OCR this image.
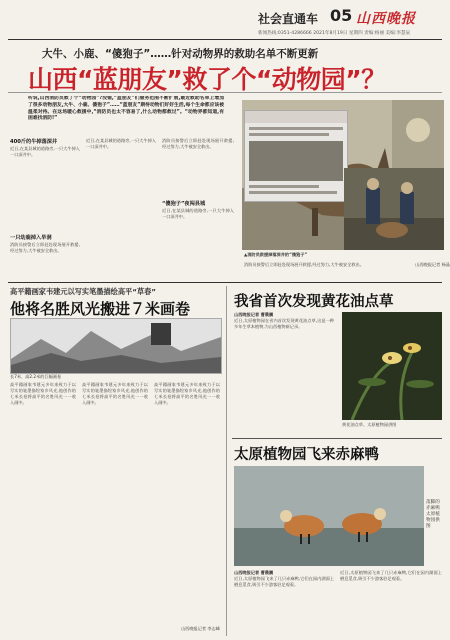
社会直通车 05 山西晚报
新闻热线:0351-4286666 2021年8月19日 星期四 责编:杨丽 美编:李慧辰
大牛、小鹿、“傻狍子”……针对动物界的救助名单不断更新
山西“蓝朋友”救了个“动物园”？
听说,山西消防员救了个“动物园”?没错,“蓝朋友”们服务范围不断扩展,最近救助名单上增加了很多动物朋友,大牛、小鹿、傻狍子”……“蓝朋友”期待动物们好好生活,每个生命都应该被温柔对待。在这场暖心救援中,“消防员也太不容易了,什么动物都救过”。“动物界都知道,有困难找消防!”
▲消防员救援掉落深井的“傻狍子”
山西晚报记者 杨晶
400斤的牛掉落深井
近日,在某县城的道路旁,一只大牛掉入一口深井中。
一只幼鹿掉入旱洞
消防员接警后立即赶赴现场展开救援,经过努力,大牛被安全救出。
近日,在某县城的道路旁,一只大牛掉入一口深井中。
“傻狍子”夜闯县城
消防员接警后立即赶赴现场展开救援,经过努力,大牛被安全救出。
近日,在某县城的道路旁,一只大牛掉入一口深井中。
消防员接警后立即赶赴现场展开救援,经过努力,大牛被安全救出。
高平籍画家韦建元以写实笔墨描绘高平“草春”
他将名胜风光搬进７米画卷
长7米、高2.2米的巨幅画卷
高平籍画家韦建元多年来致力于以写实的笔墨描绘家乡风光,他创作的七米长卷将高平的名胜风光一一收入画中。
高平籍画家韦建元多年来致力于以写实的笔墨描绘家乡风光,他创作的七米长卷将高平的名胜风光一一收入画中。
高平籍画家韦建元多年来致力于以写实的笔墨描绘家乡风光,他创作的七米长卷将高平的名胜风光一一收入画中。
山西晚报记者 李志峰
我省首次发现黄花油点草
山西晚报记者 曹晨鹏
近日,太原植物园在省内首次发现黄花油点草,这是一种多年生草本植物,为山西植物新记录。
黄花油点草。太原植物园供图
太原植物园飞来赤麻鸭
落脚的赤麻鸭 太原植物园供图
山西晚报记者 曹晨鹏
近日,太原植物园飞来了几只赤麻鸭,它们在园内湖面上栖息觅食,吸引不少游客驻足观看。
近日,太原植物园飞来了几只赤麻鸭,它们在园内湖面上栖息觅食,吸引不少游客驻足观看。
